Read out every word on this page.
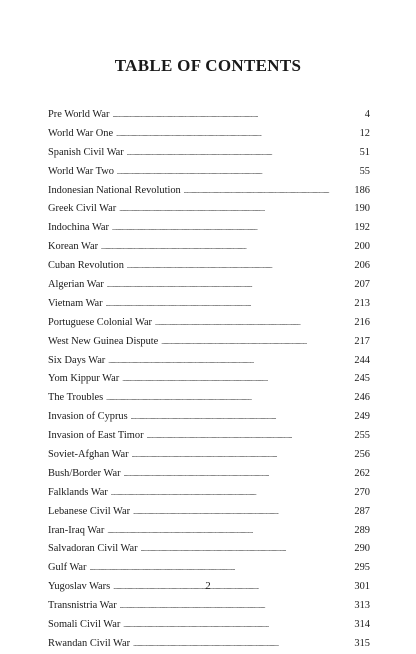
TABLE OF CONTENTS
Pre World War . . .	4
World War One . . .	12
Spanish Civil War . . .	51
World War Two . . .	55
Indonesian National Revolution . . .	186
Greek Civil War . . .	190
Indochina War . . .	192
Korean War . . .	200
Cuban Revolution . . .	206
Algerian War . . .	207
Vietnam War . . .	213
Portuguese Colonial War . . .	216
West New Guinea Dispute . . .	217
Six Days War . . .	244
Yom Kippur War . . .	245
The Troubles . . .	246
Invasion of Cyprus . . .	249
Invasion of East Timor . . .	255
Soviet-Afghan War . . .	256
Bush/Border War . . .	262
Falklands War . . .	270
Lebanese Civil War . . .	287
Iran-Iraq War . . .	289
Salvadoran Civil War . . .	290
Gulf War . . .	295
Yugoslav Wars . . .	301
Transnistria War . . .	313
Somali Civil War . . .	314
Rwandan Civil War . . .	315
2
